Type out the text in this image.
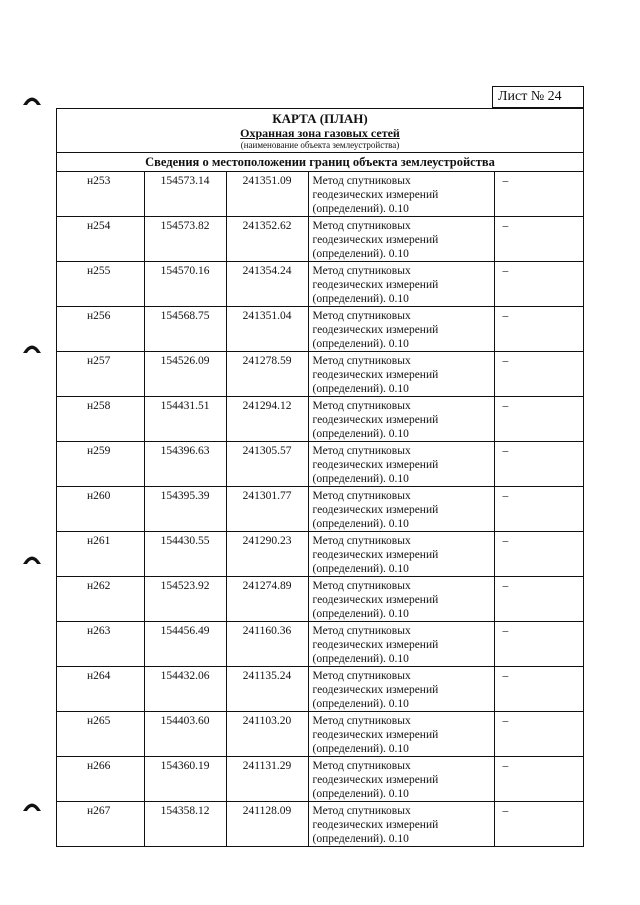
Лист № 24
КАРТА (ПЛАН)
Охранная зона газовых сетей
(наименование объекта землеустройства)
Сведения о местоположении границ объекта землеустройства
н253	154573.14	241351.09	Метод спутниковых
геодезических измерений
(определений). 0.10	–
н254	154573.82	241352.62	Метод спутниковых
геодезических измерений
(определений). 0.10	–
н255	154570.16	241354.24	Метод спутниковых
геодезических измерений
(определений). 0.10	–
н256	154568.75	241351.04	Метод спутниковых
геодезических измерений
(определений). 0.10	–
н257	154526.09	241278.59	Метод спутниковых
геодезических измерений
(определений). 0.10	–
н258	154431.51	241294.12	Метод спутниковых
геодезических измерений
(определений). 0.10	–
н259	154396.63	241305.57	Метод спутниковых
геодезических измерений
(определений). 0.10	–
н260	154395.39	241301.77	Метод спутниковых
геодезических измерений
(определений). 0.10	–
н261	154430.55	241290.23	Метод спутниковых
геодезических измерений
(определений). 0.10	–
н262	154523.92	241274.89	Метод спутниковых
геодезических измерений
(определений). 0.10	–
н263	154456.49	241160.36	Метод спутниковых
геодезических измерений
(определений). 0.10	–
н264	154432.06	241135.24	Метод спутниковых
геодезических измерений
(определений). 0.10	–
н265	154403.60	241103.20	Метод спутниковых
геодезических измерений
(определений). 0.10	–
н266	154360.19	241131.29	Метод спутниковых
геодезических измерений
(определений). 0.10	–
н267	154358.12	241128.09	Метод спутниковых
геодезических измерений
(определений). 0.10	–
